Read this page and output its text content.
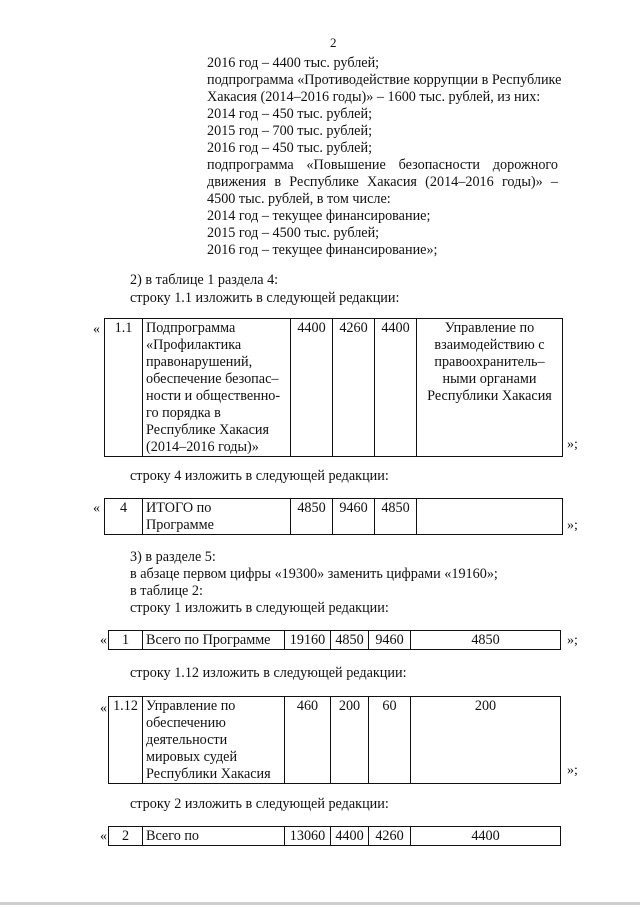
2
2016 год – 4400 тыс. рублей;
подпрограмма «Противодействие коррупции в Республике
Хакасия (2014–2016 годы)» – 1600 тыс. рублей, из них:
2014 год – 450 тыс. рублей;
2015 год – 700 тыс. рублей;
2016 год – 450 тыс. рублей;
подпрограмма «Повышение безопасности дорожного
движения в Республике Хакасия (2014–2016 годы)» –
4500 тыс. рублей, в том числе:
2014 год – текущее финансирование;
2015 год – 4500 тыс. рублей;
2016 год – текущее финансирование»;
2) в таблице 1 раздела 4:
строку 1.1 изложить в следующей редакции:
« 1.1	Подпрограмма
«Профилактика
правонарушений,
обеспечение безопас–
ности и общественно-
го порядка в
Республике Хакасия
(2014–2016 годы)»	4400	4260	4400	Управление по
взаимодействию с
правоохранитель–
ными органами
Республики Хакасия
»;
строку 4 изложить в следующей редакции:
« 4	ИТОГО по
Программе	4850	9460	4850	
»;
3) в разделе 5:
в абзаце первом цифры «19300» заменить цифрами «19160»;
в таблице 2:
строку 1 изложить в следующей редакции:
« 1	Всего по Программе	19160	4850	9460	4850	»;
строку 1.12 изложить в следующей редакции:
« 1.12	Управление по
обеспечению
деятельности
мировых судей
Республики Хакасия	460	200	60	200
»;
строку 2 изложить в следующей редакции:
« 2	Всего по	13060	4400	4260	4400
